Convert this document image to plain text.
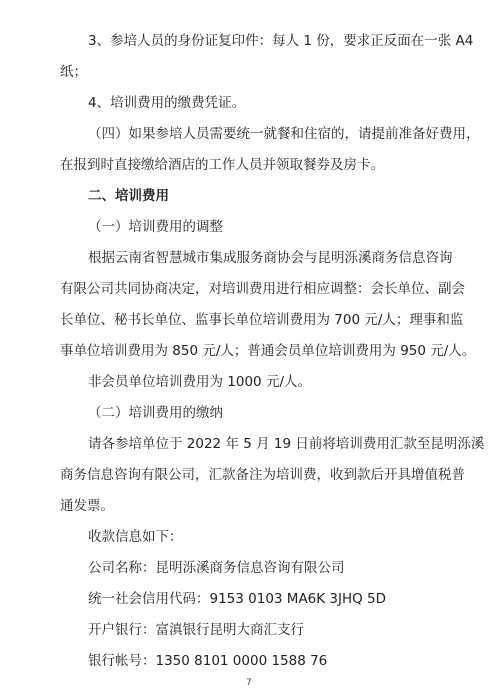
3、参培人员的身份证复印件：每人 1 份，要求正反面在一张 A4
纸；
4、培训费用的缴费凭证。
（四）如果参培人员需要统一就餐和住宿的，请提前准备好费用，
在报到时直接缴给酒店的工作人员并领取餐券及房卡。
二、培训费用
（一）培训费用的调整
根据云南省智慧城市集成服务商协会与昆明泺溪商务信息咨询
有限公司共同协商决定，对培训费用进行相应调整：会长单位、副会
长单位、秘书长单位、监事长单位培训费用为 700 元/人；理事和监
事单位培训费用为 850 元/人；普通会员单位培训费用为 950 元/人。
非会员单位培训费用为 1000 元/人。
（二）培训费用的缴纳
请各参培单位于 2022 年 5 月 19 日前将培训费用汇款至昆明泺溪
商务信息咨询有限公司，汇款备注为培训费，收到款后开具增值税普
通发票。
收款信息如下：
公司名称：昆明泺溪商务信息咨询有限公司
统一社会信用代码：9153 0103 MA6K 3JHQ 5D
开户银行：富滇银行昆明大商汇支行
银行帐号：1350 8101 0000 1588 76
7
